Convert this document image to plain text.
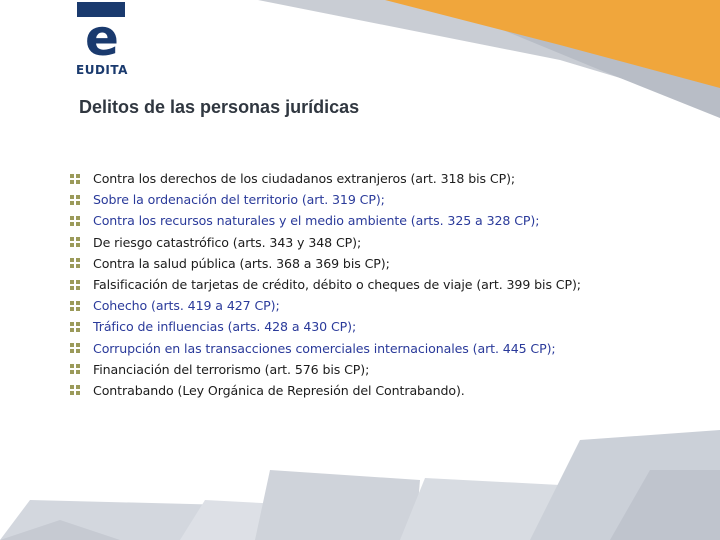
e
EUDITA
Delitos de las personas jurídicas
Contra los derechos de los ciudadanos extranjeros (art. 318 bis CP);
Sobre la ordenación del territorio (art. 319 CP);
Contra los recursos naturales y el medio ambiente (arts. 325 a 328 CP);
De riesgo catastrófico (arts. 343 y 348 CP);
Contra la salud pública (arts. 368 a 369 bis CP);
Falsificación de tarjetas de crédito, débito o cheques de viaje (art. 399 bis CP);
Cohecho (arts. 419 a 427 CP);
Tráfico de influencias (arts. 428 a 430 CP);
Corrupción en las transacciones comerciales internacionales (art. 445 CP);
Financiación del terrorismo (art. 576 bis CP);
Contrabando (Ley Orgánica de Represión del Contrabando).
